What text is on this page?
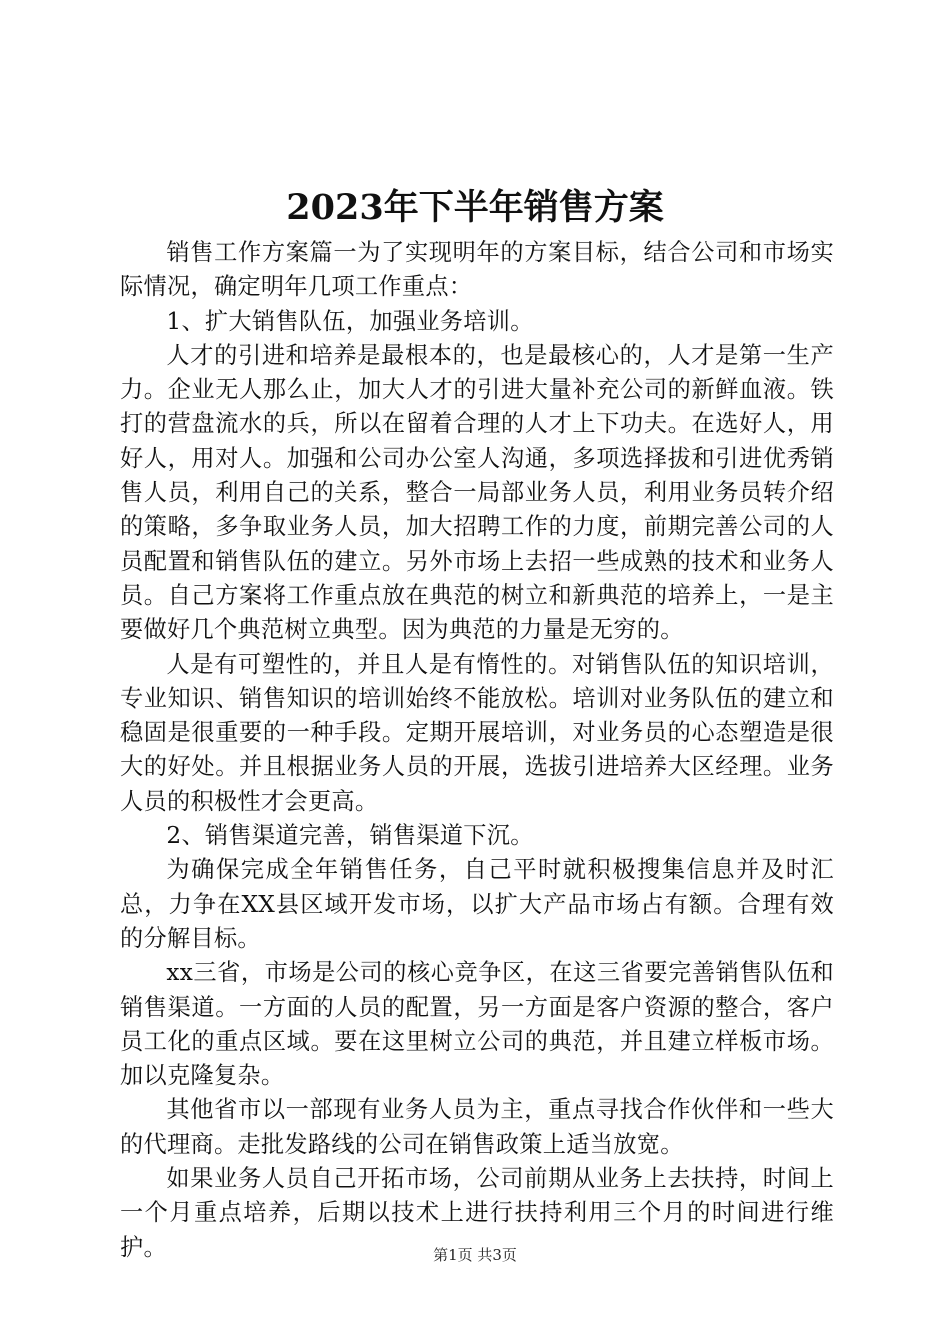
2023年下半年销售方案

销售工作方案篇一为了实现明年的方案目标，结合公司和市场实际情况，确定明年几项工作重点：

1、扩大销售队伍，加强业务培训。

人才的引进和培养是最根本的，也是最核心的，人才是第一生产力。企业无人那么止，加大人才的引进大量补充公司的新鲜血液。铁打的营盘流水的兵，所以在留着合理的人才上下功夫。在选好人，用好人，用对人。加强和公司办公室人沟通，多项选择拔和引进优秀销售人员，利用自己的关系，整合一局部业务人员，利用业务员转介绍的策略，多争取业务人员，加大招聘工作的力度，前期完善公司的人员配置和销售队伍的建立。另外市场上去招一些成熟的技术和业务人员。自己方案将工作重点放在典范的树立和新典范的培养上，一是主要做好几个典范树立典型。因为典范的力量是无穷的。

人是有可塑性的，并且人是有惰性的。对销售队伍的知识培训，专业知识、销售知识的培训始终不能放松。培训对业务队伍的建立和稳固是很重要的一种手段。定期开展培训，对业务员的心态塑造是很大的好处。并且根据业务人员的开展，选拔引进培养大区经理。业务人员的积极性才会更高。

2、销售渠道完善，销售渠道下沉。

为确保完成全年销售任务，自己平时就积极搜集信息并及时汇总，力争在XX县区域开发市场，以扩大产品市场占有额。合理有效的分解目标。

xx三省，市场是公司的核心竞争区，在这三省要完善销售队伍和销售渠道。一方面的人员的配置，另一方面是客户资源的整合，客户员工化的重点区域。要在这里树立公司的典范，并且建立样板市场。加以克隆复杂。

其他省市以一部现有业务人员为主，重点寻找合作伙伴和一些大的代理商。走批发路线的公司在销售政策上适当放宽。

如果业务人员自己开拓市场，公司前期从业务上去扶持，时间上一个月重点培养，后期以技术上进行扶持利用三个月的时间进行维护。	第1页 共3页
